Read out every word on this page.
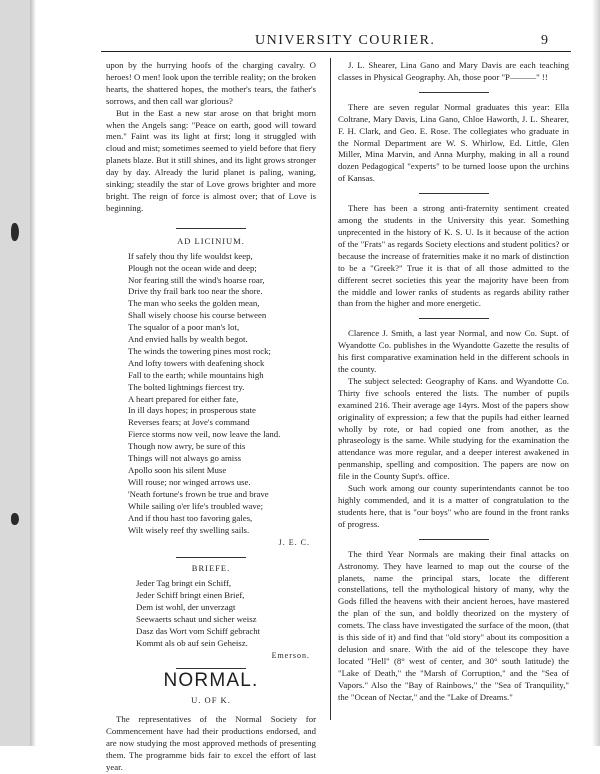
UNIVERSITY COURIER.	9

upon by the hurrying hoofs of the charging cavalry. O heroes! O men! look upon the terrible reality; on the broken hearts, the shattered hopes, the mother's tears, the father's sorrows, and then call war glorious?

But in the East a new star arose on that bright morn when the Angels sang: "Peace on earth, good will toward men." Faint was its light at first; long it struggled with cloud and mist; sometimes seemed to yield before that fiery planets blaze. But it still shines, and its light grows stronger day by day. Already the lurid planet is paling, waning, sinking; steadily the star of Love grows brighter and more bright. The reign of force is almost over; that of Love is beginning.

AD LICINIUM.
If safely thou thy life wouldst keep,
Plough not the ocean wide and deep;
Nor fearing still the wind's hoarse roar,
Drive thy frail bark too near the shore.
The man who seeks the golden mean,
Shall wisely choose his course between
The squalor of a poor man's lot,
And envied halls by wealth begot.
The winds the towering pines most rock;
And lofty towers with deafening shock
Fall to the earth; while mountains high
The bolted lightnings fiercest try.
A heart prepared for either fate,
In ill days hopes; in prosperous state
Reverses fears; at Jove's command
Fierce storms now veil, now leave the land.
Though now awry, be sure of this
Things will not always go amiss
Apollo soon his silent Muse
Will rouse; nor winged arrows use.
'Neath fortune's frown be true and brave
While sailing o'er life's troubled wave;
And if thou hast too favoring gales,
Wilt wisely reef thy swelling sails.
J. E. C.
BRIEFE.
Jeder Tag bringt ein Schiff,
Jeder Schiff bringt einen Brief,
Dem ist wohl, der unverzagt
Seewaerts schaut und sicher weisz
Dasz das Wort vom Schiff gebracht
Kommt als ob auf sein Geheisz.
Emerson.
NORMAL.
U. OF K.

The representatives of the Normal Society for Commencement have had their productions endorsed, and are now studying the most approved methods of presenting them. The programme bids fair to excel the effort of last year.

J. L. Shearer, Lina Gano and Mary Davis are each teaching classes in Physical Geography. Ah, those poor "P———" !!

There are seven regular Normal graduates this year: Ella Coltrane, Mary Davis, Lina Gano, Chloe Haworth, J. L. Shearer, F. H. Clark, and Geo. E. Rose. The collegiates who graduate in the Normal Department are W. S. Whirlow, Ed. Little, Glen Miller, Mina Marvin, and Anna Murphy, making in all a round dozen Pedagogical "experts" to be turned loose upon the urchins of Kansas.

There has been a strong anti-fraternity sentiment created among the students in the University this year. Something unprecented in the history of K. S. U. Is it because of the action of the "Frats" as regards Society elections and student politics? or because the increase of fraternities make it no mark of distinction to be a "Greek?" True it is that of all those admitted to the different secret societies this year the majority have been from the middle and lower ranks of students as regards ability rather than from the higher and more energetic.

Clarence J. Smith, a last year Normal, and now Co. Supt. of Wyandotte Co. publishes in the Wyandotte Gazette the results of his first comparative examination held in the different schools in the county.

The subject selected: Geography of Kans. and Wyandotte Co. Thirty five schools entered the lists. The number of pupils examined 216. Their average age 14yrs. Most of the papers show originality of expression; a few that the pupils had either learned wholly by rote, or had copied one from another, as the phraseology is the same. While studying for the examination the attendance was more regular, and a deeper interest awakened in penmanship, spelling and composition. The papers are now on file in the County Supt's. office.

Such work among our county superintendants cannot be too highly commended, and it is a matter of congratulation to the students here, that is "our boys" who are found in the front ranks of progress.

The third Year Normals are making their final attacks on Astronomy. They have learned to map out the course of the planets, name the principal stars, locate the different constellations, tell the mythological history of many, why the Gods filled the heavens with their ancient heroes, have mastered the plan of the sun, and boldly theorized on the mystery of comets. The class have investigated the surface of the moon, (that is this side of it) and find that "old story" about its composition a delusion and snare. With the aid of the telescope they have located "Hell" (8° west of center, and 30° south latitude) the "Lake of Death," the "Marsh of Corruption," and the "Sea of Vapors." Also the "Bay of Rainbows," the "Sea of Tranquility," the "Ocean of Nectar," and the "Lake of Dreams."
